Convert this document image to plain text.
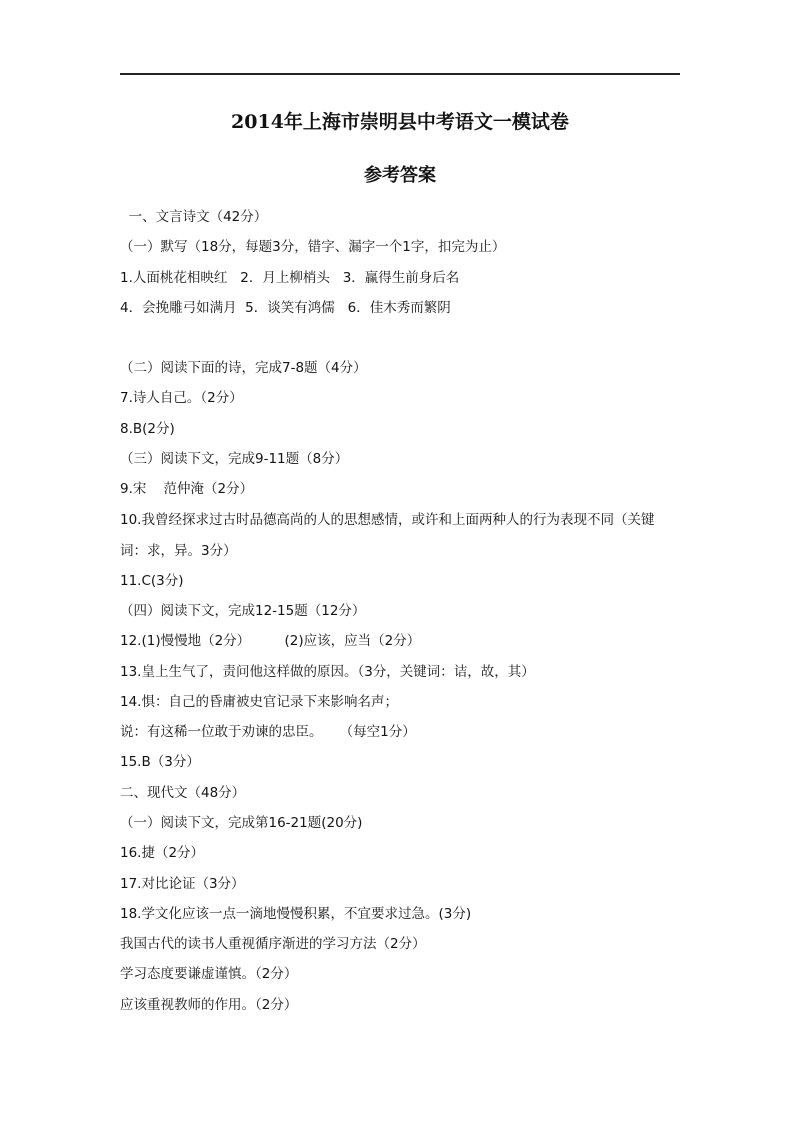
2014年上海市崇明县中考语文一模试卷
参考答案
一、文言诗文（42分）
（一）默写（18分，每题3分，错字、漏字一个1字，扣完为止）
1.人面桃花相映红   2．月上柳梢头   3．赢得生前身后名
4．会挽雕弓如满月  5．谈笑有鸿儒   6．佳木秀而繁阴
（二）阅读下面的诗，完成7-8题（4分）
7.诗人自己。（2分）
8.B(2分)
（三）阅读下文，完成9-11题（8分）
9.宋    范仲淹（2分）
10.我曾经探求过古时品德高尚的人的思想感情，或许和上面两种人的行为表现不同（关键
词：求，异。3分）
11.C(3分)
（四）阅读下文，完成12-15题（12分）
12.(1)慢慢地（2分）        (2)应该，应当（2分）
13.皇上生气了，责问他这样做的原因。（3分，关键词：诘，故，其）
14.惧：自己的昏庸被史官记录下来影响名声；
说：有这稀一位敢于劝谏的忠臣。    （每空1分）
15.B（3分）
二、现代文（48分）
（一）阅读下文，完成第16-21题(20分)
16.捷（2分）
17.对比论证（3分）
18.学文化应该一点一滴地慢慢积累，不宜要求过急。(3分)
我国古代的读书人重视循序渐进的学习方法（2分）
学习态度要谦虚谨慎。（2分）
应该重视教师的作用。（2分）
